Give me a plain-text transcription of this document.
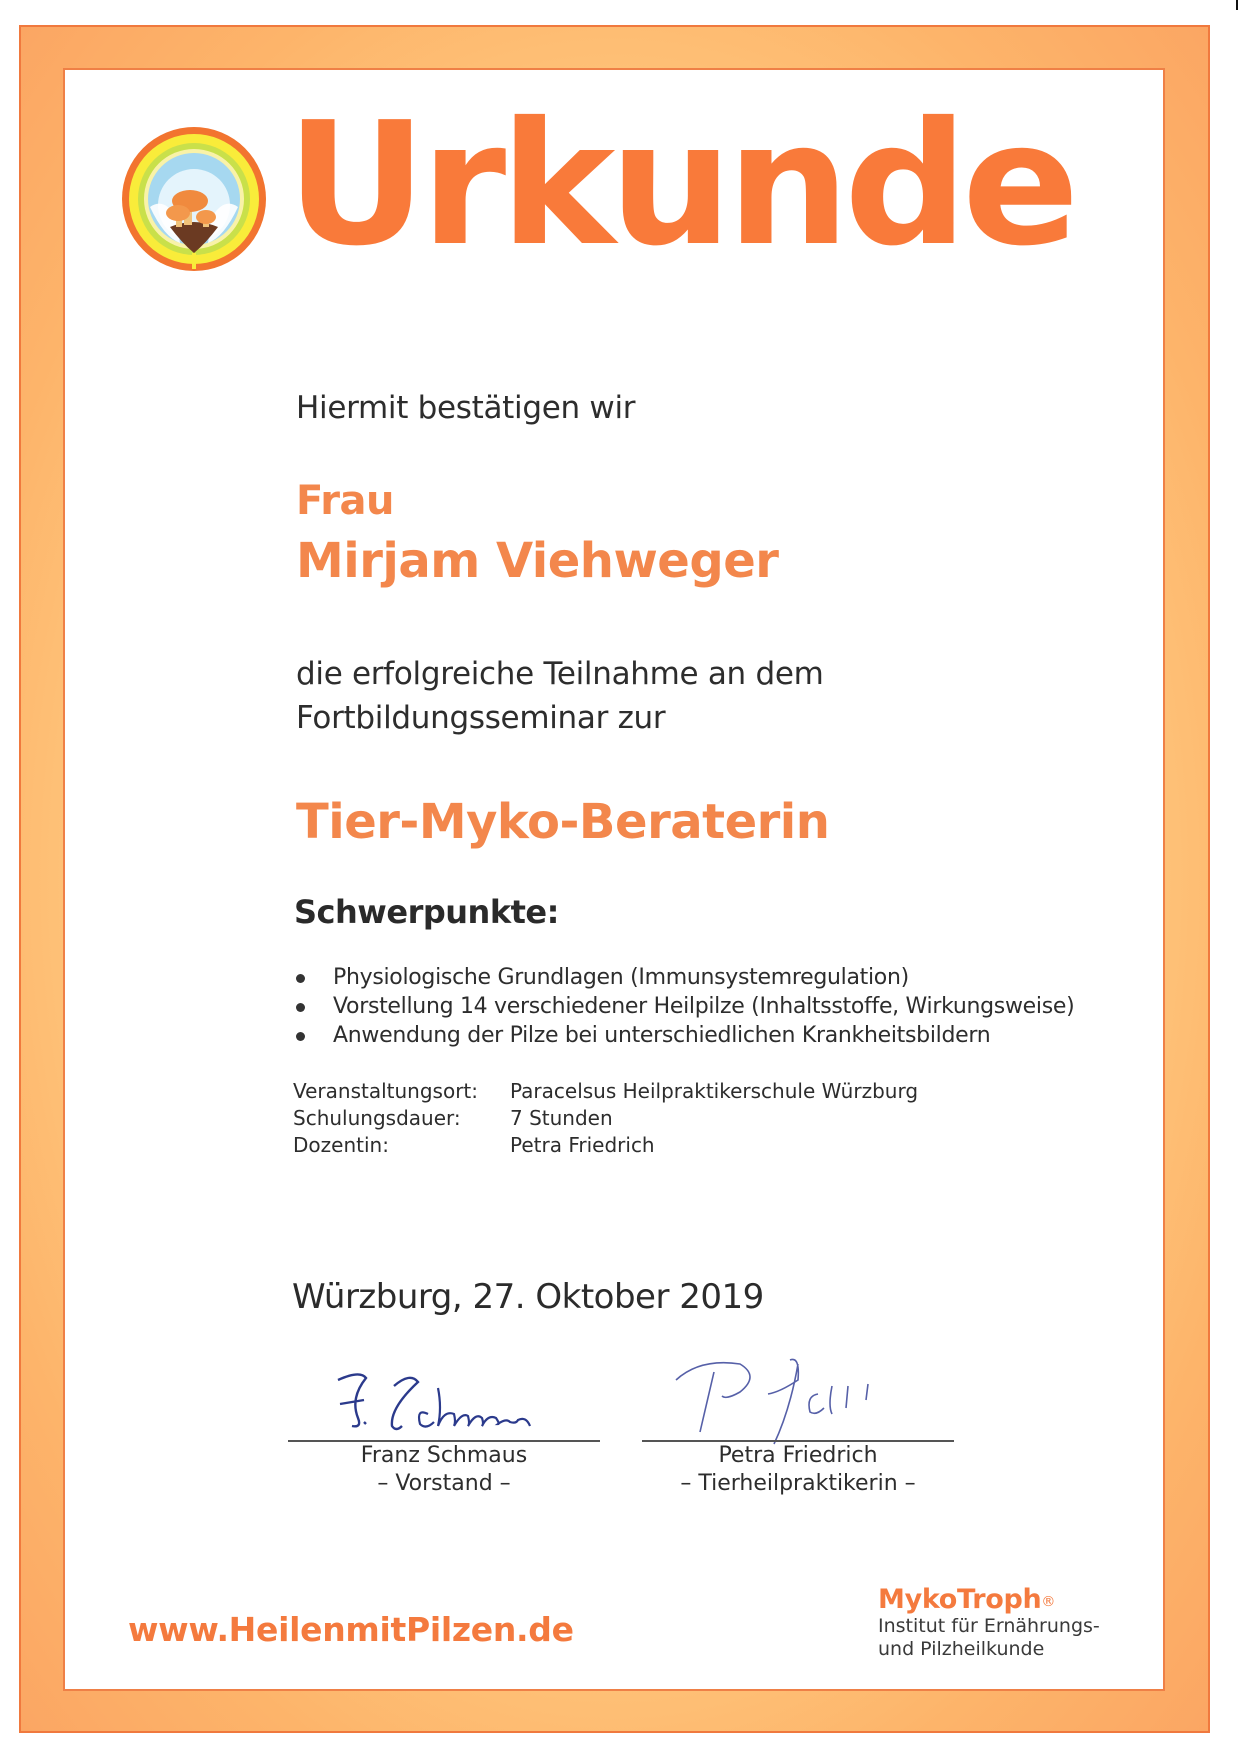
Urkunde
Hiermit bestätigen wir
Frau
Mirjam Viehweger
die erfolgreiche Teilnahme an dem
Fortbildungsseminar zur
Tier-Myko-Beraterin
Schwerpunkte:
Physiologische Grundlagen (Immunsystemregulation)
Vorstellung 14 verschiedener Heilpilze (Inhaltsstoffe, Wirkungsweise)
Anwendung der Pilze bei unterschiedlichen Krankheitsbildern
Veranstaltungsort:	Paracelsus Heilpraktikerschule Würzburg
Schulungsdauer:	7 Stunden
Dozentin:	Petra Friedrich
Würzburg, 27. Oktober 2019
Franz Schmaus
– Vorstand –
Petra Friedrich
– Tierheilpraktikerin –
www.HeilenmitPilzen.de
MykoTroph®
Institut für Ernährungs-
und Pilzheilkunde
